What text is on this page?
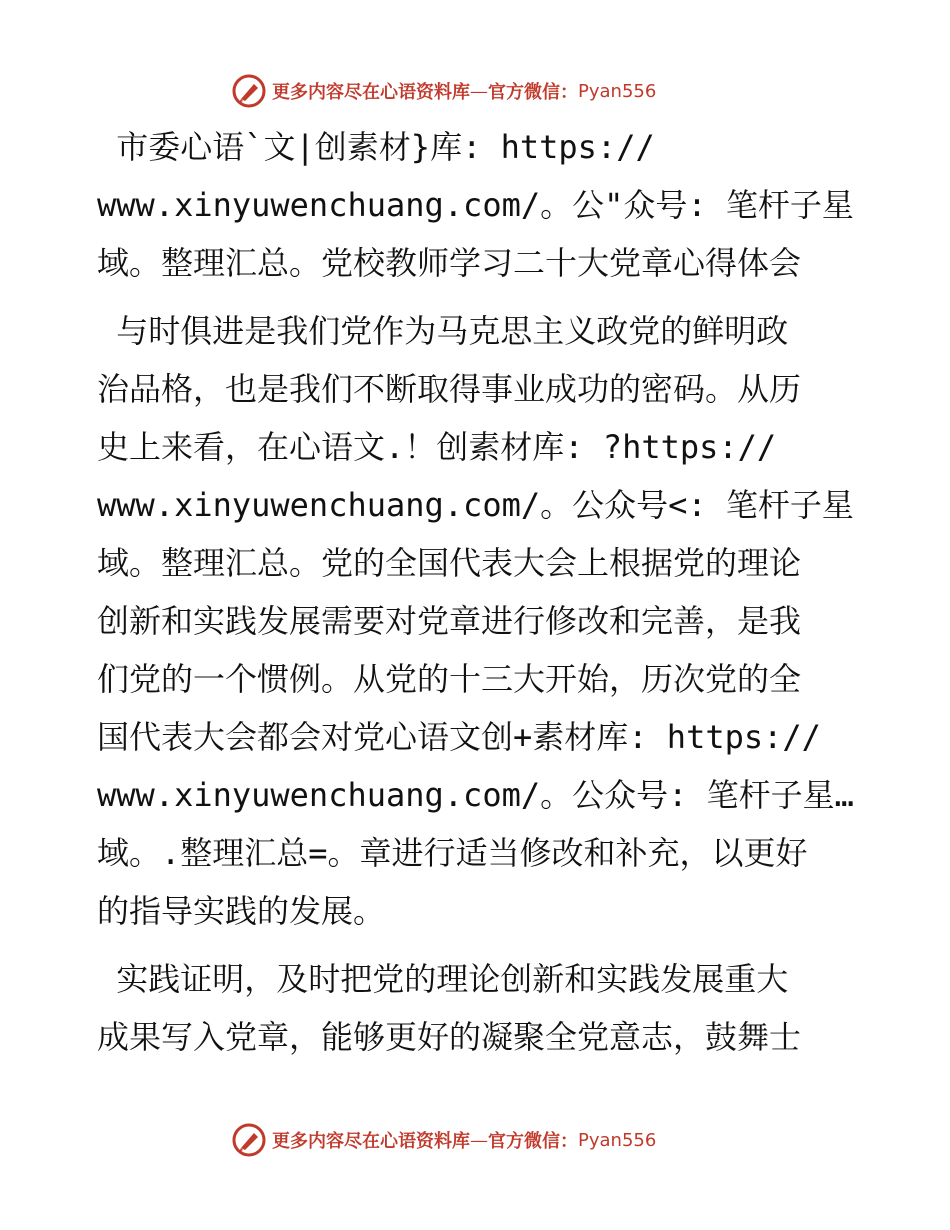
更多内容尽在心语资料库 — 官方微信： Pyan556
市委心语`文|创素材}库: https://
www.xinyuwenchuang.com/。公"众号: 笔杆子星
域。整理汇总。党校教师学习二十大党章心得体会
与时俱进是我们党作为马克思主义政党的鲜明政
治品格，也是我们不断取得事业成功的密码。从历
史上来看，在心语文.！创素材库: ?https://
www.xinyuwenchuang.com/。公众号<: 笔杆子星
域。整理汇总。党的全国代表大会上根据党的理论
创新和实践发展需要对党章进行修改和完善，是我
们党的一个惯例。从党的十三大开始，历次党的全
国代表大会都会对党心语文创+素材库: https://
www.xinyuwenchuang.com/。公众号: 笔杆子星…
域。.整理汇总=。章进行适当修改和补充，以更好
的指导实践的发展。
实践证明，及时把党的理论创新和实践发展重大
成果写入党章，能够更好的凝聚全党意志，鼓舞士
更多内容尽在心语资料库 — 官方微信： Pyan556
